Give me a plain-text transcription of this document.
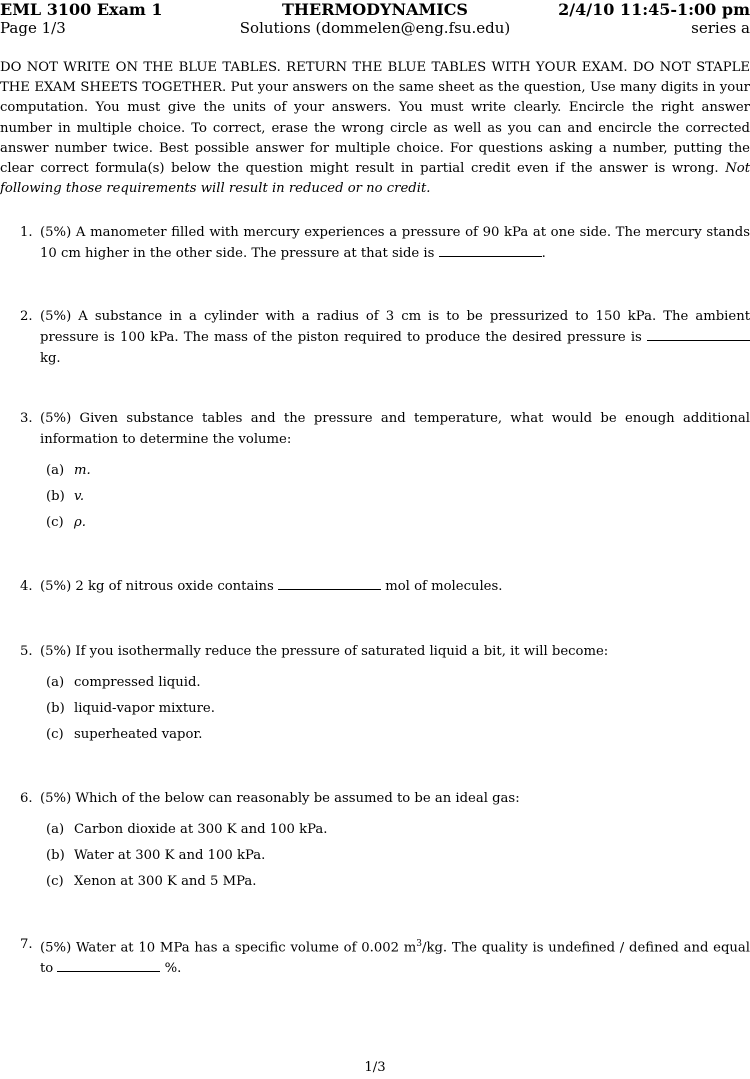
EML 3100 Exam 1	THERMODYNAMICS	2/4/10 11:45-1:00 pm
Page 1/3	Solutions (dommelen@eng.fsu.edu)	series a
DO NOT WRITE ON THE BLUE TABLES. RETURN THE BLUE TABLES WITH YOUR EXAM. DO NOT STAPLE THE EXAM SHEETS TOGETHER. Put your answers on the same sheet as the question, Use many digits in your computation. You must give the units of your answers. You must write clearly. Encircle the right answer number in multiple choice. To correct, erase the wrong circle as well as you can and encircle the corrected answer number twice. Best possible answer for multiple choice. For questions asking a number, putting the clear correct formula(s) below the question might result in partial credit even if the answer is wrong. Not following those requirements will result in reduced or no credit.
1. (5%) A manometer filled with mercury experiences a pressure of 90 kPa at one side. The mercury stands 10 cm higher in the other side. The pressure at that side is	.
2. (5%) A substance in a cylinder with a radius of 3 cm is to be pressurized to 150 kPa. The ambient pressure is 100 kPa. The mass of the piston required to produce the desired pressure is  kg.
3. (5%) Given substance tables and the pressure and temperature, what would be enough additional information to determine the volume:
(a) m.
(b) v.
(c) ρ.
4. (5%) 2 kg of nitrous oxide contains	mol of molecules.
5. (5%) If you isothermally reduce the pressure of saturated liquid a bit, it will become:
(a) compressed liquid.
(b) liquid-vapor mixture.
(c) superheated vapor.
6. (5%) Which of the below can reasonably be assumed to be an ideal gas:
(a) Carbon dioxide at 300 K and 100 kPa.
(b) Water at 300 K and 100 kPa.
(c) Xenon at 300 K and 5 MPa.
7. (5%) Water at 10 MPa has a specific volume of 0.002 $m^3/kg$. The quality is undefined / defined and equal to	%.
1/3
